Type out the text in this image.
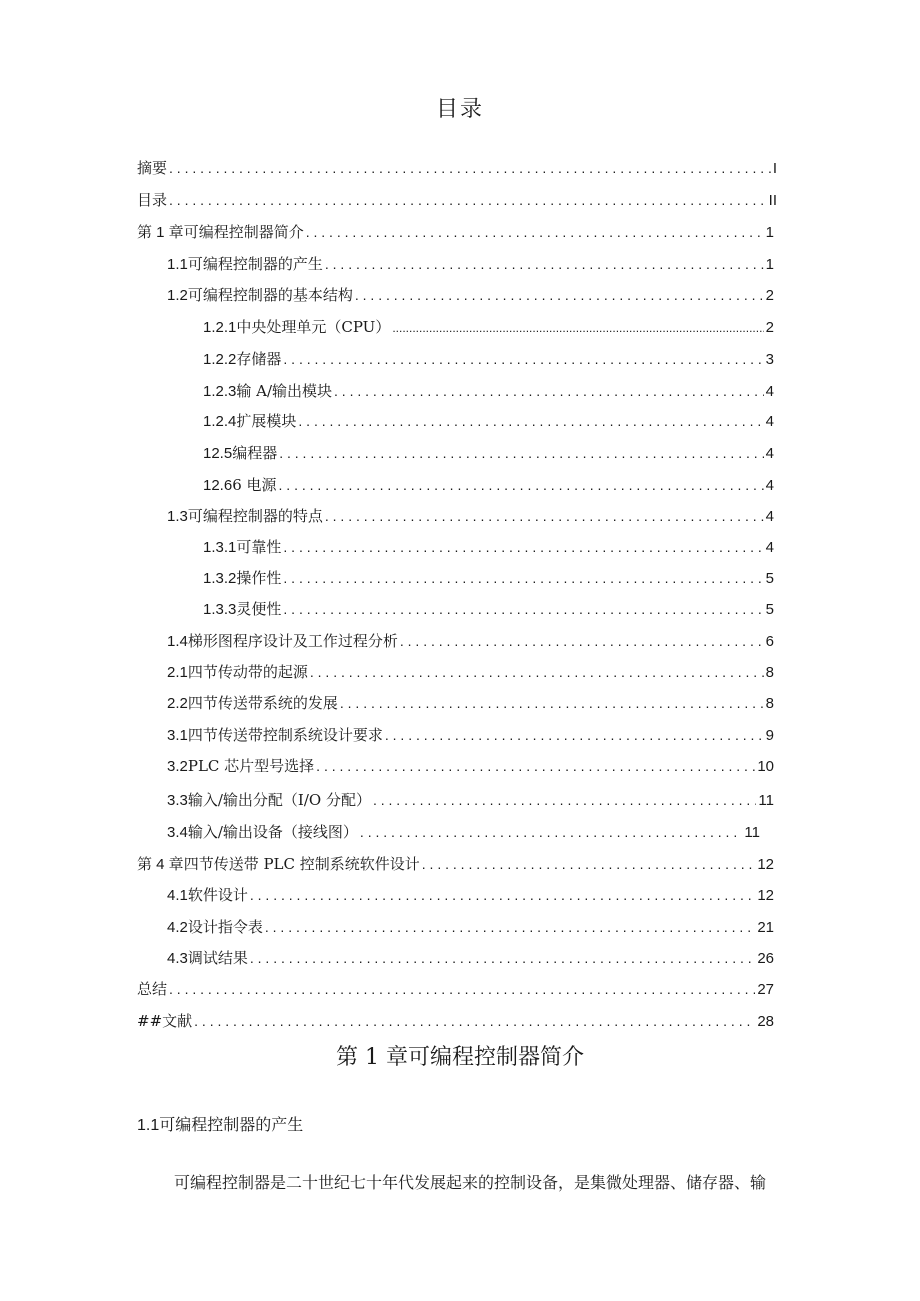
目录
摘要 . . .	I
目录 . . .	II
第 1 章 可编程控制器简介 . . .	1
1.1 可编程控制器的产生 . . .	1
1.2 可编程控制器的基本结构 . . .	2
1.2.1 中央处理单元（CPU） .....	2
1.2.2 存储器 . . .	3
1.2.3 输 A/输出模块 . . .	4
1.2.4 扩展模块 . . .	4
12.5 编程器 . . .	4
12.6 6 电源 . . .	4
1.3 可编程控制器的特点 . . .	4
1.3.1 可靠性 . . .	4
1.3.2 操作性 . . .	5
1.3.3 灵便性 . . .	5
1.4 梯形图程序设计及工作过程分析 . . .	6
2.1 四节传动带的起源 . . .	8
2.2 四节传送带系统的发展 . . .	8
3.1 四节传送带控制系统设计要求 . . .	9
3.2 PLC 芯片型号选择 . . .	10
3.3 输入/输出分配（I/O 分配） . . .	11
3.4 输入/输出设备（接线图） . . .	11
第 4 章 四节传送带 PLC 控制系统软件设计 . . .	12
4.1 软件设计 . . .	12
4.2 设计指令表 . . .	21
4.3 调试结果 . . .	26
总结 . . .	27
##文献 . . .	28
第 1 章可编程控制器简介
1.1可编程控制器的产生
可编程控制器是二十世纪七十年代发展起来的控制设备，是集微处理器、储存器、输
